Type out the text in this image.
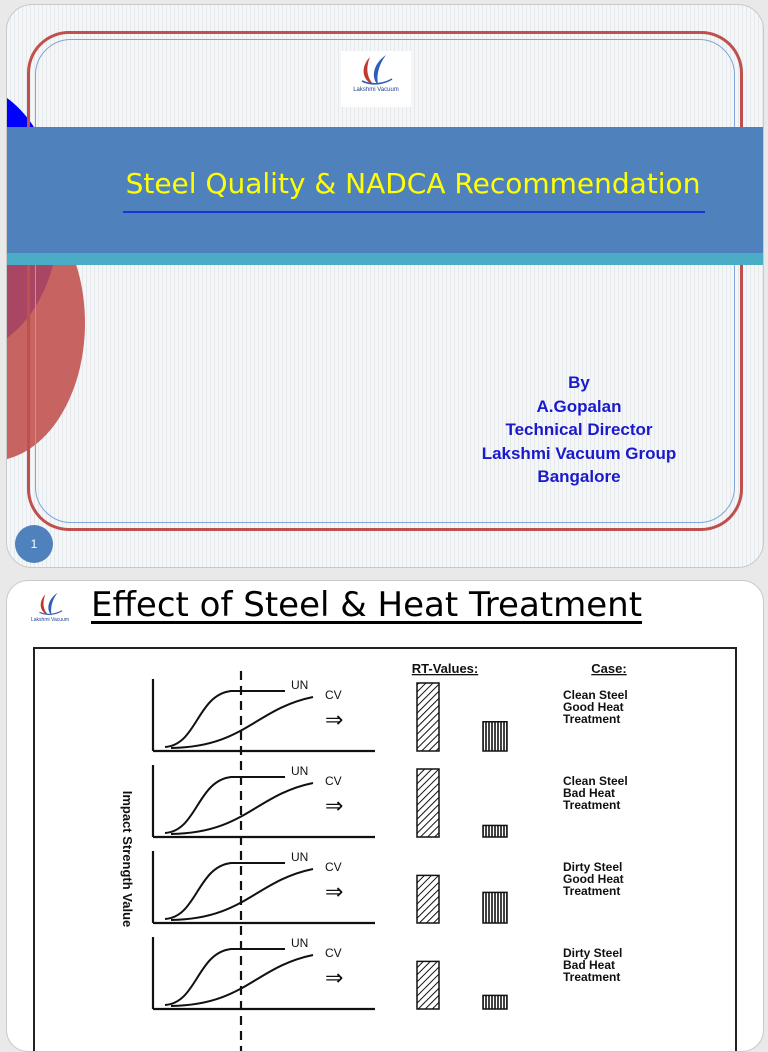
Lakshmi Vacuum
Steel Quality & NADCA Recommendation
By
A.Gopalan
Technical Director
Lakshmi Vacuum Group
Bangalore
1
Lakshmi Vacuum Effect of Steel & Heat Treatment
Impact Strength Value
RT-Values:	Case:
UN
CV
⇒
Clean Steel
Good Heat
Treatment
UN
CV
⇒
Clean Steel
Bad Heat
Treatment
UN
CV
⇒
Dirty Steel
Good Heat
Treatment
UN
CV
⇒
Dirty Steel
Bad Heat
Treatment
